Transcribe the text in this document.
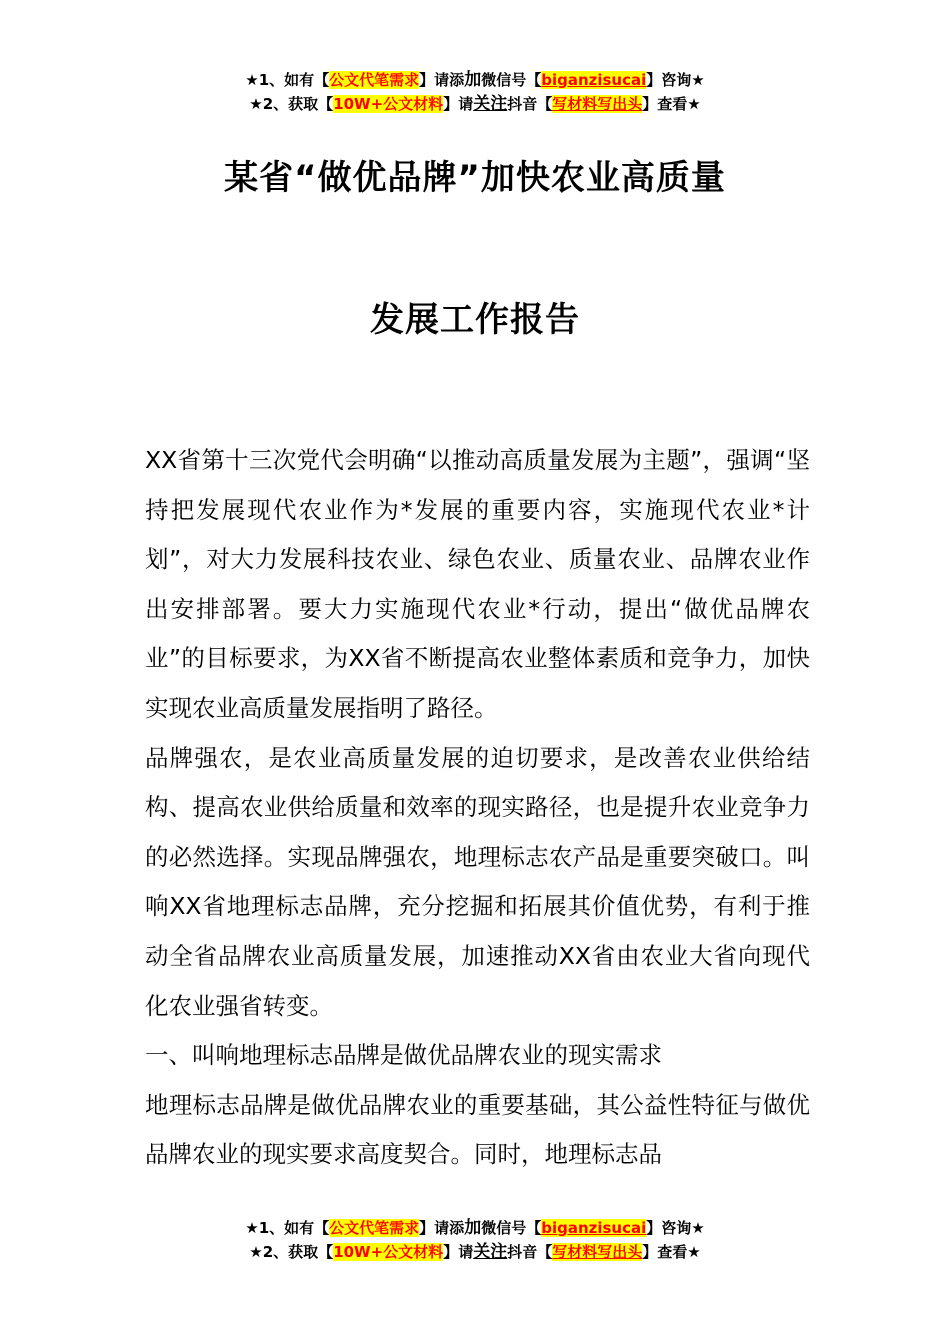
★1、如有【公文代笔需求】请添加微信号【biganzisucai】咨询★
★2、获取【10W+公文材料】请关注抖音【写材料写出头】查看★
某省“做优品牌”加快农业高质量
发展工作报告

XX省第十三次党代会明确“以推动高质量发展为主题”，强调“坚持把发展现代农业作为*发展的重要内容，实施现代农业*计划”，对大力发展科技农业、绿色农业、质量农业、品牌农业作出安排部署。要大力实施现代农业*行动，提出“做优品牌农业”的目标要求，为XX省不断提高农业整体素质和竞争力，加快实现农业高质量发展指明了路径。

品牌强农，是农业高质量发展的迫切要求，是改善农业供给结构、提高农业供给质量和效率的现实路径，也是提升农业竞争力的必然选择。实现品牌强农，地理标志农产品是重要突破口。叫响XX省地理标志品牌，充分挖掘和拓展其价值优势，有利于推动全省品牌农业高质量发展，加速推动XX省由农业大省向现代化农业强省转变。

一、叫响地理标志品牌是做优品牌农业的现实需求

地理标志品牌是做优品牌农业的重要基础，其公益性特征与做优品牌农业的现实要求高度契合。同时，地理标志品

★1、如有【公文代笔需求】请添加微信号【biganzisucai】咨询★
★2、获取【10W+公文材料】请关注抖音【写材料写出头】查看★
